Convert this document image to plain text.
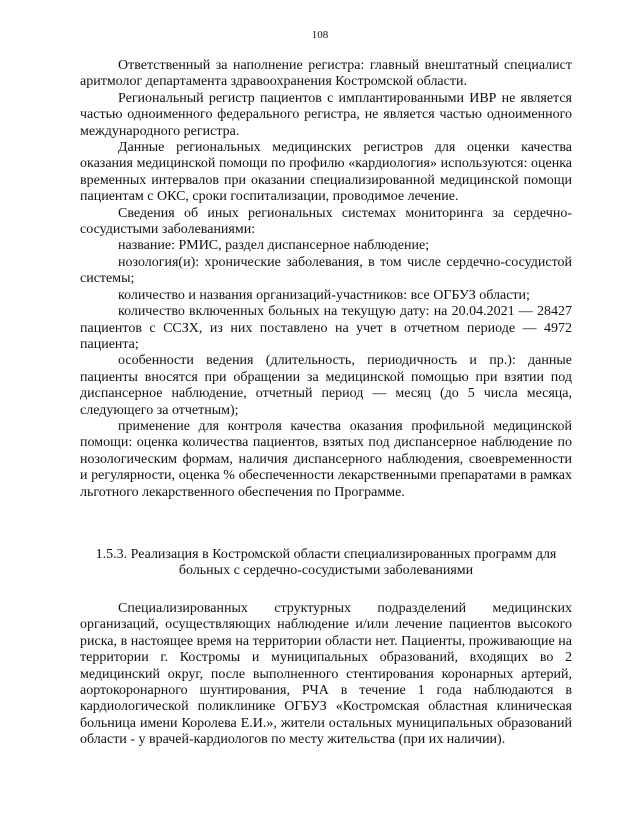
108

Ответственный за наполнение регистра: главный внештатный специалист аритмолог департамента здравоохранения Костромской области.

Региональный регистр пациентов с имплантированными ИВР не является частью одноименного федерального регистра, не является частью одноименного международного регистра.

Данные региональных медицинских регистров для оценки качества оказания медицинской помощи по профилю «кардиология» используются: оценка временных интервалов при оказании специализированной медицинской помощи пациентам с ОКС, сроки госпитализации, проводимое лечение.

Сведения об иных региональных системах мониторинга за сердечно-сосудистыми заболеваниями:

название: РМИС, раздел диспансерное наблюдение;

нозология(и): хронические заболевания, в том числе сердечно-сосудистой системы;

количество и названия организаций-участников: все ОГБУЗ области;

количество включенных больных на текущую дату: на 20.04.2021 — 28427 пациентов с ССЗХ, из них поставлено на учет в отчетном периоде — 4972 пациента;

особенности ведения (длительность, периодичность и пр.): данные пациенты вносятся при обращении за медицинской помощью при взятии под диспансерное наблюдение, отчетный период — месяц (до 5 числа месяца, следующего за отчетным);

применение для контроля качества оказания профильной медицинской помощи: оценка количества пациентов, взятых под диспансерное наблюдение по нозологическим формам, наличия диспансерного наблюдения, своевременности и регулярности, оценка % обеспеченности лекарственными препаратами в рамках льготного лекарственного обеспечения по Программе.

1.5.3. Реализация в Костромской области специализированных программ для больных с сердечно-сосудистыми заболеваниями

Специализированных структурных подразделений медицинских организаций, осуществляющих наблюдение и/или лечение пациентов высокого риска, в настоящее время на территории области нет. Пациенты, проживающие на территории г. Костромы и муниципальных образований, входящих во 2 медицинский округ, после выполненного стентирования коронарных артерий, аортокоронарного шунтирования, РЧА в течение 1 года наблюдаются в кардиологической поликлинике ОГБУЗ «Костромская областная клиническая больница имени Королева Е.И.», жители остальных муниципальных образований области - у врачей-кардиологов по месту жительства (при их наличии).
